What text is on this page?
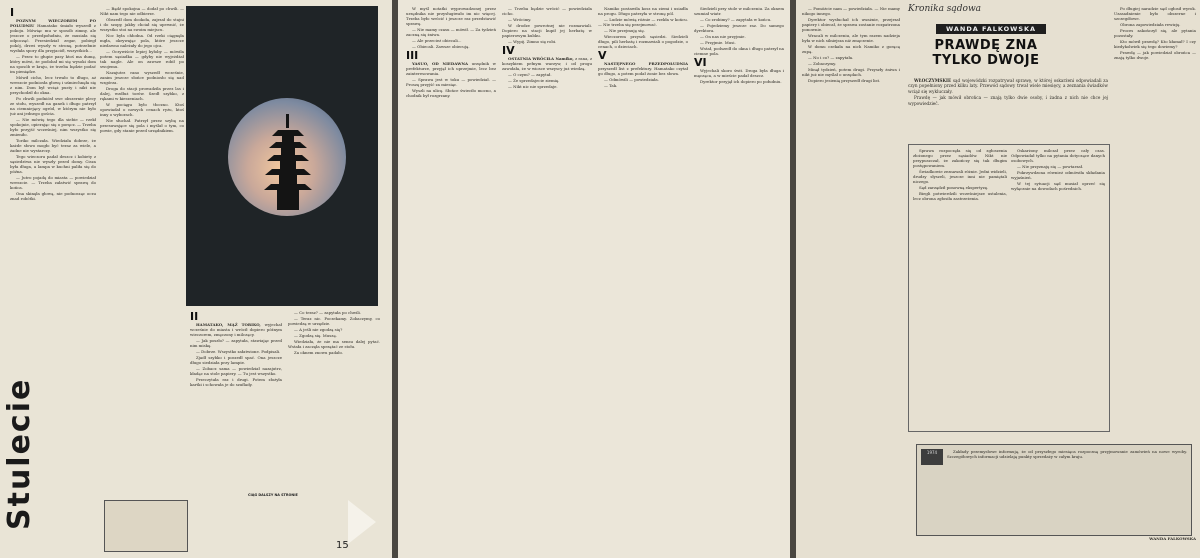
Stulecie
I

POZNYM WIECZOREM PO POLUDNIU Hamatako śmiało wyszedł z pokoju. Mówiąc mu w sposób zimny, ale jeszcze o przedpołudniu, że musiała się odpocząć. Przesiedział zegar, pobiegł pokój, drzwi wyszły w stronę, potrzebnie wysłała spory dla przyjaciół, wszystkich...

— Przez to głupie pasy ktoś ma dumę, który mówi, że podobał mi się wysoki dom na sposób w kraju, że trzeba będzie podać im pieniądze.

Mówił cicho, lecz trwało to długo, aż wreszcie podniosła głowę i uśmiechnęła się z nim. Dom był wciąż pusty i nikt nie przychodził do okna.

Po chwili podniósł swe obszernie plecy ze stołu, wyszedł na ganek i długo patrzył na ciemniejący ogród, w którym nie było już ani jednego gościa.

— Nie mówię tego dla siebie — rzekł spokojnie, opierając się o poręcz. — Trzeba było przyjść wcześniej, nim wszystko się zmieniło.

Toriko milczała. Wiedziała dobrze, że każde słowo mogło być teraz za wiele, a żadne nie wystarczy.

Tego wieczoru padał deszcz i kobiety z sąsiedztwa nie wyszły przed domy. Cisza była długa, a lampa w kuchni paliła się do późna.

— Jutro pojadę do miasta — powiedział wreszcie. — Trzeba załatwić sprawę do końca.

Ona skinęła głową, nie podnosząc oczu znad robótki.

— Bądź spokojna — dodał po chwili. — Nikt nam tego nie odbierze.

Obszedł dom dookoła, zajrzał do stajni i do szopy, jakby chciał się upewnić, że wszystko stoi na swoim miejscu.

Noc była chłodna. Od rzeki ciągnęła mgła, okrywając pola, które jeszcze niedawno należały do jego ojca.

— Oczywiście lepiej byłoby — mówiła potem sąsiadka — gdyby nie wyjeżdżał tak nagle. Ale on zawsze robił po swojemu.

Nazajutrz rano wyszedł wcześnie, zanim jeszcze słońce podniosło się nad wzgórza.

Droga do stacji prowadziła przez las i dalej, wzdłuż torów. Szedł szybko, z rękami w kieszeniach.

W pociągu było tłoczno. Ktoś opowiadał o nowych cenach ryżu, ktoś inny o wyborach.

Nie słuchał. Patrzył przez szybę na przesuwające się pola i myślał o tym, co powie, gdy stanie przed urzędnikiem.

II

HAMATAKO, MĄŻ TORIKO, wyjechał wcześnie do miasta i wrócił dopiero późnym wieczorem, zmęczony i milczący.

— Jak poszło? — zapytała, stawiając przed nim miskę.

— Dobrze. Wszystko załatwione. Podpisali.

Zjadł szybko i poszedł spać. Ona jeszcze długo siedziała przy lampie.

— Zobacz sama — powiedział nazajutrz, kładąc na stole papiery. — Tu jest wszystko.

Przeczytała raz i drugi. Potem złożyła kartki i schowała je do szuflady.

— Co teraz? — zapytała po chwili.

— Teraz nic. Poczekamy. Zobaczymy, co powiedzą w urzędzie.

— A jeśli nie zgodzą się?

— Zgodzą się. Muszą.

Wiedziała, że nie ma sensu dalej pytać. Wstała i zaczęła sprzątać ze stołu.

Za oknem znowu padało.

CIĄG DALSZY NA STRONIE
15

W myśl notatki wyprowadzonej przez urzędnika nie przysługiwało im nic więcej. Trzeba było wrócić i jeszcze raz przedstawić sprawę.

— Nie mamy czasu — mówił. — Za tydzień zaczną się żniwa.

— Ale przecież obiecali...

— Obiecali. Zawsze obiecują.

III

YASUO, OD NIEDAWNA urzędnik w prefekturze, przyjął ich uprzejmie, lecz bez zainteresowania.

— Sprawa jest w toku — powiedział. — Proszę przyjść za miesiąc.

Wyszli na ulicę. Słońce świeciło mocno, a chodnik był rozgrzany.

— Trzeba będzie wrócić — powiedziała cicho.

— Wrócimy.

W drodze powrotnej nie rozmawiali. Dopiero na stacji kupił jej herbatę w papierowym kubku.

— Wypij. Zimno się robi.

IV

OSTATNIA WRÓCIŁA Namiko, z rana, z koszykiem pełnym warzyw, i od progu zawołała, że w wiosce wszyscy już wiedzą.

— O czym? — zapytał.

— Że sprzedajecie ziemię.

— Nikt nic nie sprzedaje.

Namiko postawiła kosz na ziemi i usiadła na progu. Długo patrzyła w stronę pól.

— Ludzie mówią różnie — rzekła w końcu. — Nie trzeba się przejmować.

— Nie przejmuję się.

Wieczorem przyszli sąsiedzi. Siedzieli długo, pili herbatę i rozmawiali o pogodzie, o cenach, o dzieciach.

V

NASTĘPNEGO PRZEDPOŁUDNIA przyszedł list z prefektury. Hamatako czytał go długo, a potem podał żonie bez słowa.

— Odmówili — powiedziała.

— Tak.

Siedzieli przy stole w milczeniu. Za oknem szumiał wiatr.

— Co zrobimy? — zapytała w końcu.

— Pojedziemy jeszcze raz. Do samego dyrektora.

— On nas nie przyjmie.

— Przyjmie. Musi.

Wstał, podszedł do okna i długo patrzył na ciemne pola.

VI

Wyjechali skoro świt. Droga była długa i męcząca, a w mieście padał deszcz.

Dyrektor przyjął ich dopiero po południu.

— Pomóżcie nam — powiedziała. — Nie mamy nikogo innego.

Dyrektor wysłuchał ich uważnie, przejrzał papiery i obiecał, że sprawa zostanie rozpatrzona ponownie.

Wracali w milczeniu, ale tym razem nadzieja była w nich silniejsza niż zmęczenie.

W domu czekała na nich Namiko z gorącą zupą.

— No i co? — zapytała.

— Zobaczymy.

Minął tydzień, potem drugi. Przyszły żniwa i nikt już nie myślał o urzędach.

Dopiero jesienią przyszedł drugi list.

Kronika sądowa
WANDA FALKOWSKA
PRAWDĘ ZNA TYLKO DWOJE

WŁOCZYMSKIE sąd wojewódzki rozpatrywał sprawę, w której oskarżeni odpowiadali za czyn popełniony przed kilku laty. Przewód sądowy trwał wiele miesięcy, a zeznania świadków wciąż się wykluczały.

Prawdę — jak mówił obrońca — znają tylko dwie osoby, i żadna z nich nie chce jej wypowiedzieć.

Sprawa rozpoczęła się od zgłoszenia złożonego przez sąsiadów. Nikt nie przypuszczał, że zakończy się tak długim postępowaniem.

Świadkowie zeznawali różnie. Jedni widzieli, drudzy słyszeli, jeszcze inni nie pamiętali niczego.

Sąd zarządził ponowną ekspertyzę.

Biegli potwierdzili wcześniejsze ustalenia, lecz obrona zgłosiła zastrzeżenia.

Oskarżony milczał przez cały czas. Odpowiadał tylko na pytania dotyczące danych osobowych.

— Nie przyznaję się — powtarzał.

Pokrzywdzona również odmówiła składania wyjaśnień.

W tej sytuacji sąd musiał oprzeć się wyłącznie na dowodach pośrednich.

Po długiej naradzie sąd ogłosił wyrok. Uzasadnienie było obszerne i szczegółowe.

Obrona zapowiedziała rewizję.

Proces zakończył się, ale pytania pozostały.

Kto mówił prawdę? Kto kłamał? I czy kiedykolwiek się tego dowiemy?

Prawdę — jak powiedział obrońca — znają tylko dwoje.

1974	Zakłady przemysłowe informują, że od przyszłego miesiąca rozpoczną przyjmowanie zamówień na nowe wyroby. Szczegółowych informacji udzielają punkty sprzedaży w całym kraju.

WANDA FALKOWSKA
